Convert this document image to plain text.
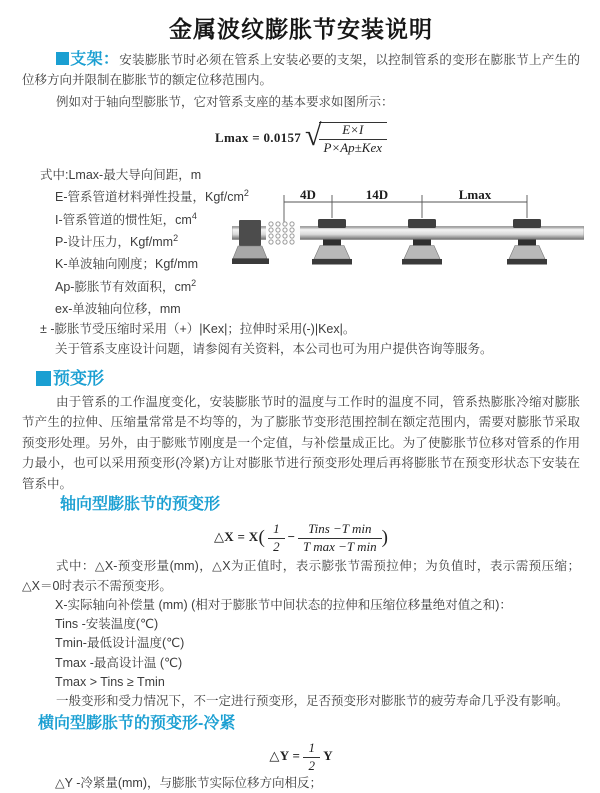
金属波纹膨胀节安装说明

支架：安装膨胀节时必须在管系上安装必要的支架，以控制管系的变形在膨胀节上产生的位移方向并限制在膨胀节的额定位移范围内。

例如对于轴向型膨胀节，它对管系支座的基本要求如图所示：

Lmax = 0.0157 √
$\frac{E\times I}{\text{P×Ap±Kex}}$
式中:Lmax-最大导向间距，m
E-管系管道材料弹性投量，Kgf/$cm^2$
I-管系管道的惯性矩，$cm^4$
P-设计压力，Kgf/$mm^2$
K-单波轴向刚度；Kgf/mm
Ap-膨胀节有效面积，$cm^2$
ex-单波轴向位移，mm
4D	14D	Lmax
± -膨胀节受压缩时采用（+）|Kex|；拉伸时采用(-)|Kex|。
关于管系支座设计问题，请参阅有关资料，本公司也可为用户提供咨询等服务。
预变形

由于管系的工作温度变化，安装膨胀节时的温度与工作时的温度不同，管系热膨胀冷缩对膨胀节产生的拉伸、压缩量常常是不均等的，为了膨胀节变形范围控制在额定范围内，需要对膨胀节采取预变形处理。另外，由于膨账节刚度是一个定值，与补偿量成正比。为了使膨胀节位移对管系的作用力最小，也可以采用预变形(冷紧)方让对膨胀节进行预变形处理后再将膨胀节在预变形状态下安装在管系中。

轴向型膨胀节的预变形
△X = $X( \frac{1}{2} - \frac{\text{Tins −T min}}{\text{T max −T min}}$ )

式中：△X-预变形量(mm)，△X为正值时，表示膨张节需预拉伸；为负值时，表示需预压缩；△X＝0时表示不需预变形。

X-实际轴向补偿量 (mm) (相对于膨胀节中间状态的拉伸和压缩位移量绝对值之和)：
Tins -安装温度(℃)
Tmin-最低设计温度(℃)
Tmax -最高设计温 (℃)
Tmax > Tins ≥ Tmin

一般变形和受力情况下，不一定进行预变形，足否预变形对膨胀节的疲劳寿命几乎没有影响。

横向型膨胀节的预变形-冷紧
△Y = $\frac{1}{2}$ Y
△Y -冷紧量(mm)，与膨胀节实际位移方向相反；
